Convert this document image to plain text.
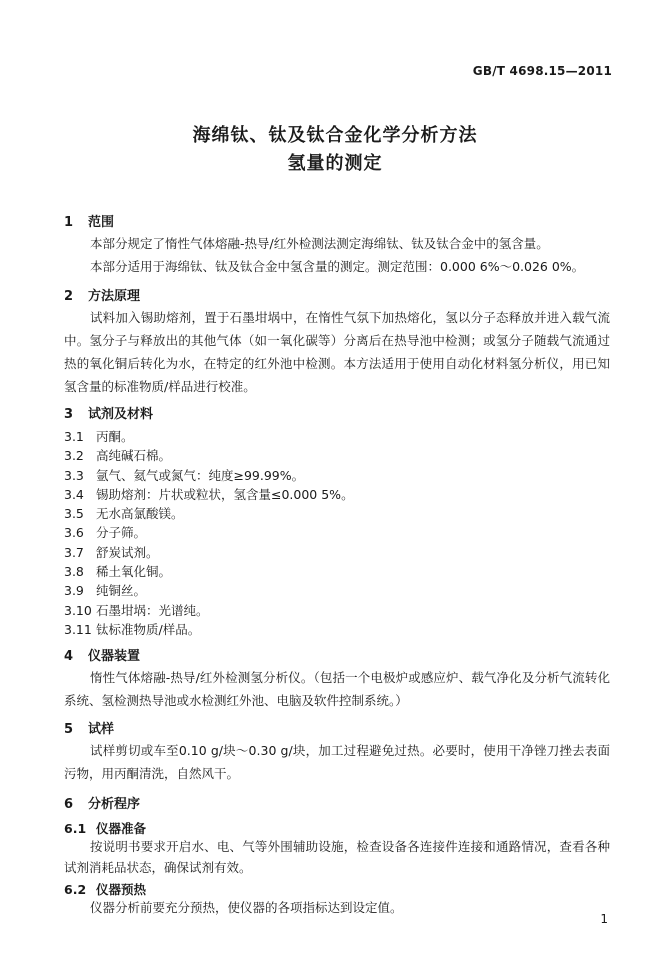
GB/T 4698.15—2011
海绵钛、钛及钛合金化学分析方法
氢量的测定
1 范围

本部分规定了惰性气体熔融-热导/红外检测法测定海绵钛、钛及钛合金中的氢含量。

本部分适用于海绵钛、钛及钛合金中氢含量的测定。测定范围：0.000 6%～0.026 0%。

2 方法原理

试料加入锡助熔剂，置于石墨坩埚中，在惰性气氛下加热熔化，氢以分子态释放并进入载气流中。氢分子与释放出的其他气体（如一氧化碳等）分离后在热导池中检测；或氢分子随载气流通过热的氧化铜后转化为水，在特定的红外池中检测。本方法适用于使用自动化材料氢分析仪，用已知氢含量的标准物质/样品进行校准。

3 试剂及材料
3.1 丙酮。
3.2 高纯碱石棉。
3.3 氩气、氦气或氮气：纯度≥99.99%。
3.4 锡助熔剂：片状或粒状，氢含量≤0.000 5%。
3.5 无水高氯酸镁。
3.6 分子筛。
3.7 舒炭试剂。
3.8 稀土氧化铜。
3.9 纯铜丝。
3.10 石墨坩埚：光谱纯。
3.11 钛标准物质/样品。
4 仪器装置

惰性气体熔融-热导/红外检测氢分析仪。（包括一个电极炉或感应炉、载气净化及分析气流转化系统、氢检测热导池或水检测红外池、电脑及软件控制系统。）

5 试样

试样剪切或车至0.10 g/块～0.30 g/块，加工过程避免过热。必要时，使用干净锉刀挫去表面污物，用丙酮清洗，自然风干。

6 分析程序
6.1 仪器准备

按说明书要求开启水、电、气等外围辅助设施，检查设备各连接件连接和通路情况，查看各种试剂消耗品状态，确保试剂有效。

6.2 仪器预热

仪器分析前要充分预热，使仪器的各项指标达到设定值。

1
